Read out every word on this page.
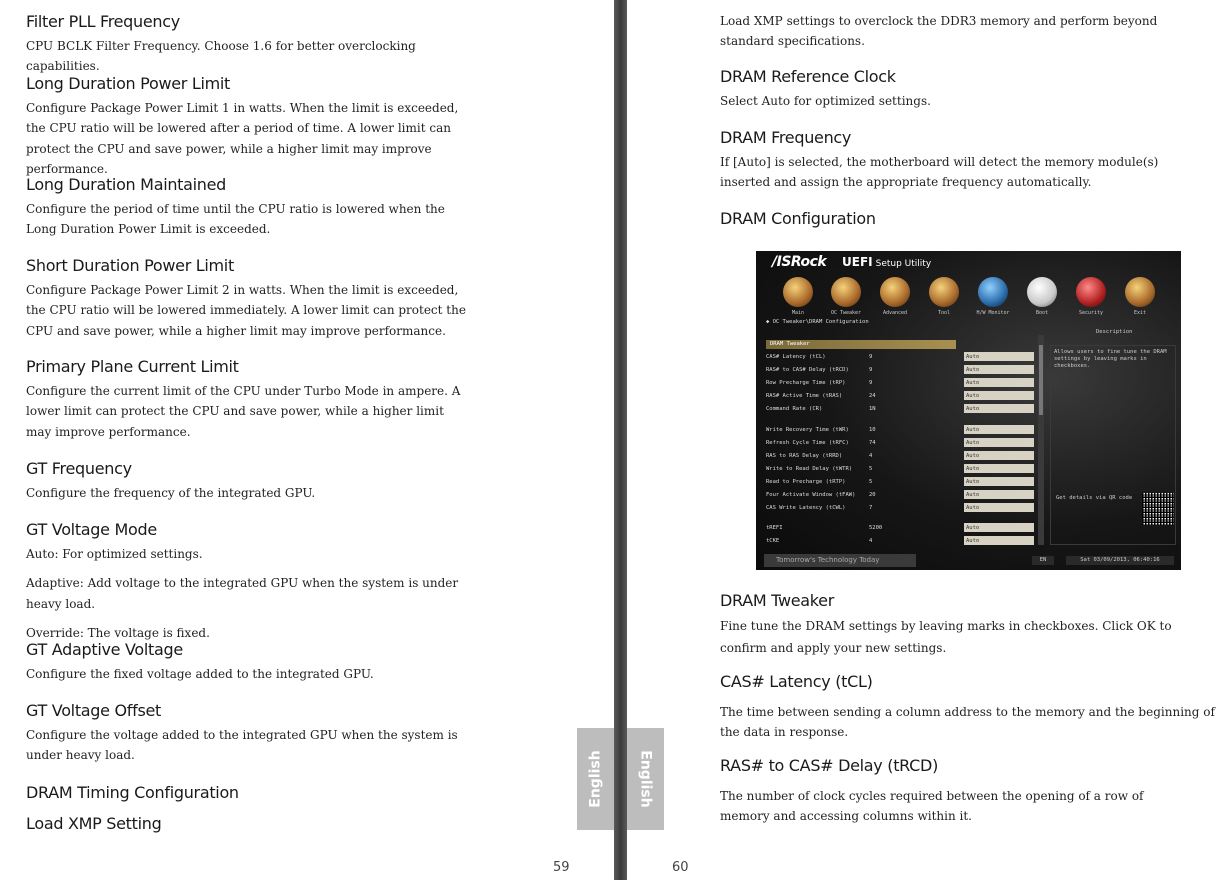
Filter PLL Frequency

CPU BCLK Filter Frequency. Choose 1.6 for better overclocking capabilities.

Long Duration Power Limit

Configure Package Power Limit 1 in watts. When the limit is exceeded, the CPU ratio will be lowered after a period of time. A lower limit can protect the CPU and save power, while a higher limit may improve performance.

Long Duration Maintained

Configure the period of time until the CPU ratio is lowered when the Long Duration Power Limit is exceeded.

Short Duration Power Limit

Configure Package Power Limit 2 in watts. When the limit is exceeded, the CPU ratio will be lowered immediately. A lower limit can protect the CPU and save power, while a higher limit may improve performance.

Primary Plane Current Limit

Configure the current limit of the CPU under Turbo Mode in ampere. A lower limit can protect the CPU and save power, while a higher limit may improve performance.

GT Frequency

Configure the frequency of the integrated GPU.

GT Voltage Mode

Auto: For optimized settings.

Adaptive: Add voltage to the integrated GPU when the system is under heavy load.

Override: The voltage is fixed.

GT Adaptive Voltage

Configure the fixed voltage added to the integrated GPU.

GT Voltage Offset

Configure the voltage added to the integrated GPU when the system is under heavy load.

DRAM Timing Configuration
Load XMP Setting
English
59

Load XMP settings to overclock the DDR3 memory and perform beyond standard specifications.

DRAM Reference Clock

Select Auto for optimized settings.

DRAM Frequency

If [Auto] is selected, the motherboard will detect the memory module(s) inserted and assign the appropriate frequency automatically.

DRAM Configuration
DRAM Tweaker

Fine tune the DRAM settings by leaving marks in checkboxes. Click OK to confirm and apply your new settings.

CAS# Latency (tCL)

The time between sending a column address to the memory and the beginning of the data in response.

RAS# to CAS# Delay (tRCD)

The number of clock cycles required between the opening of a row of memory and accessing columns within it.

English
60
/ISRock UEFI Setup Utility
Main	OC Tweaker	Advanced	Tool	H/W Monitor	Boot	Security	Exit
◆ OC Tweaker\DRAM Configuration
Description
DRAM Tweaker
CAS# Latency (tCL)	9	Auto
RAS# to CAS# Delay (tRCD)	9	Auto
Row Precharge Time (tRP)	9	Auto
RAS# Active Time (tRAS)	24	Auto
Command Rate (CR)	1N	Auto
Write Recovery Time (tWR)	10	Auto
Refresh Cycle Time (tRFC)	74	Auto
RAS to RAS Delay (tRRD)	4	Auto
Write to Read Delay (tWTR)	5	Auto
Read to Precharge (tRTP)	5	Auto
Four Activate Window (tFAW) 20	Auto
CAS Write Latency (tCWL)	7	Auto
tREFI	5200	Auto
tCKE	4	Auto
Allows users to fine tune the DRAM settings by leaving marks in checkboxes.
Get details via QR code
Tomorrow's Technology Today	EN	Sat 03/09/2013, 06:40:16
